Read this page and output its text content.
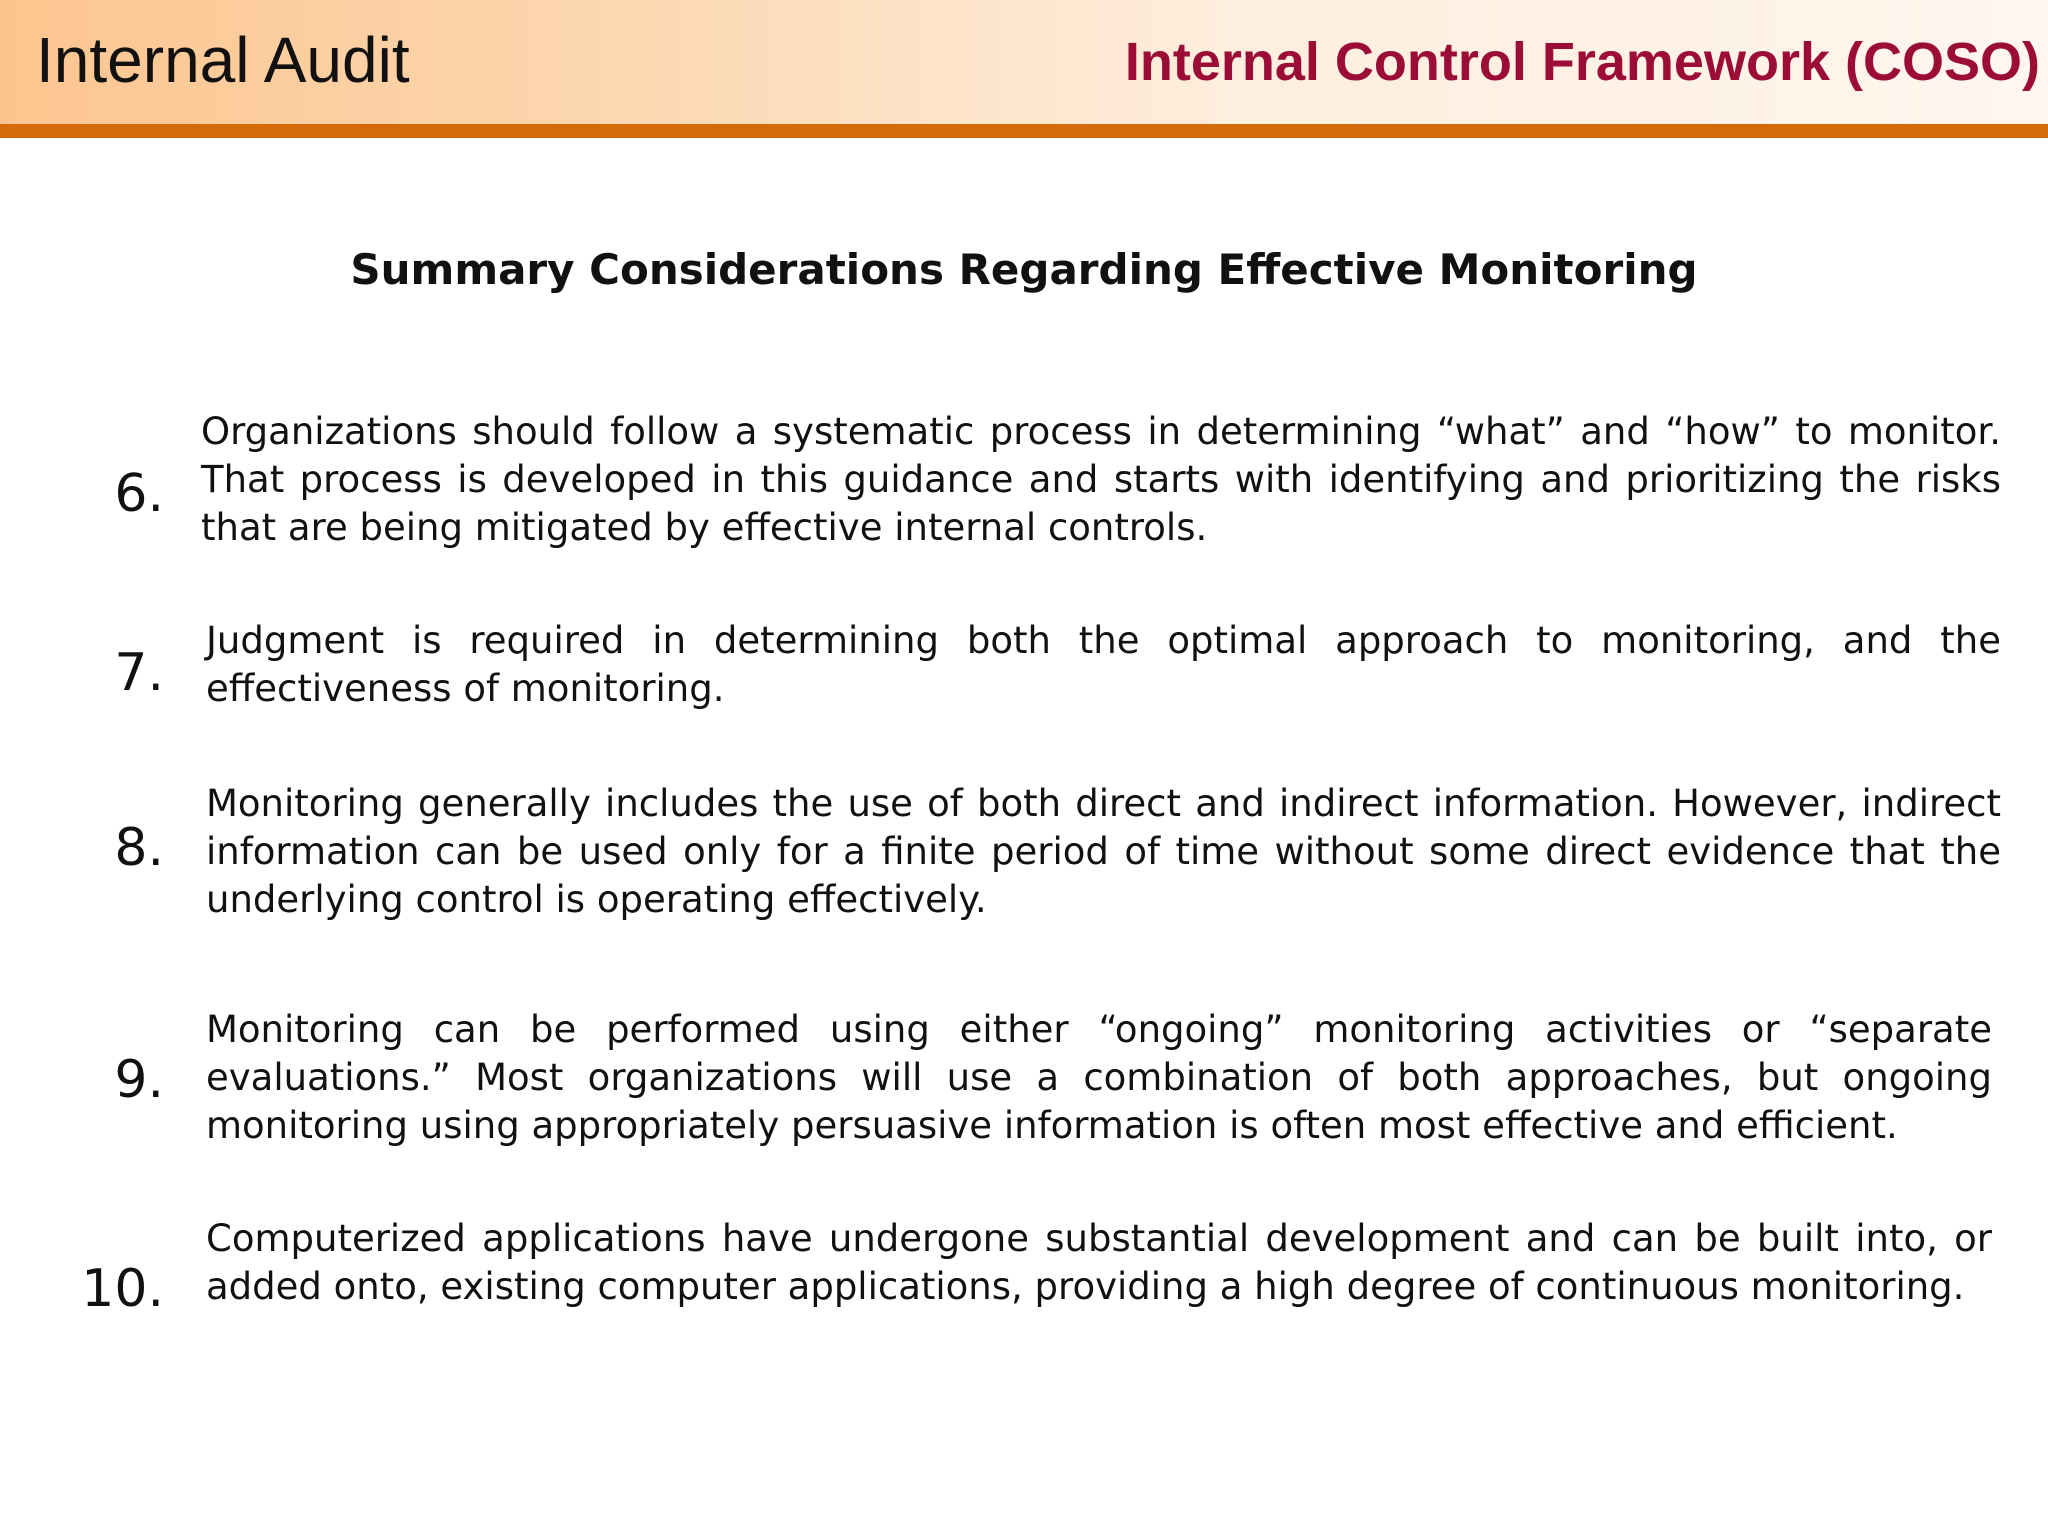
Internal Audit	Internal Control Framework (COSO)
Summary Considerations Regarding Effective Monitoring
6.

Organizations should follow a systematic process in determining “what” and “how” to monitor. That process is developed in this guidance and starts with identifying and prioritizing the risks that are being mitigated by effective internal controls.

7.

Judgment is required in determining both the optimal approach to monitoring, and the effectiveness of monitoring.

8.

Monitoring generally includes the use of both direct and indirect information. However, indirect information can be used only for a finite period of time without some direct evidence that the underlying control is operating effectively.

9.

Monitoring can be performed using either “ongoing” monitoring activities or “separate evaluations.” Most organizations will use a combination of both approaches, but ongoing monitoring using appropriately persuasive information is often most effective and efficient.

10.

Computerized applications have undergone substantial development and can be built into, or added onto, existing computer applications, providing a high degree of continuous monitoring.
